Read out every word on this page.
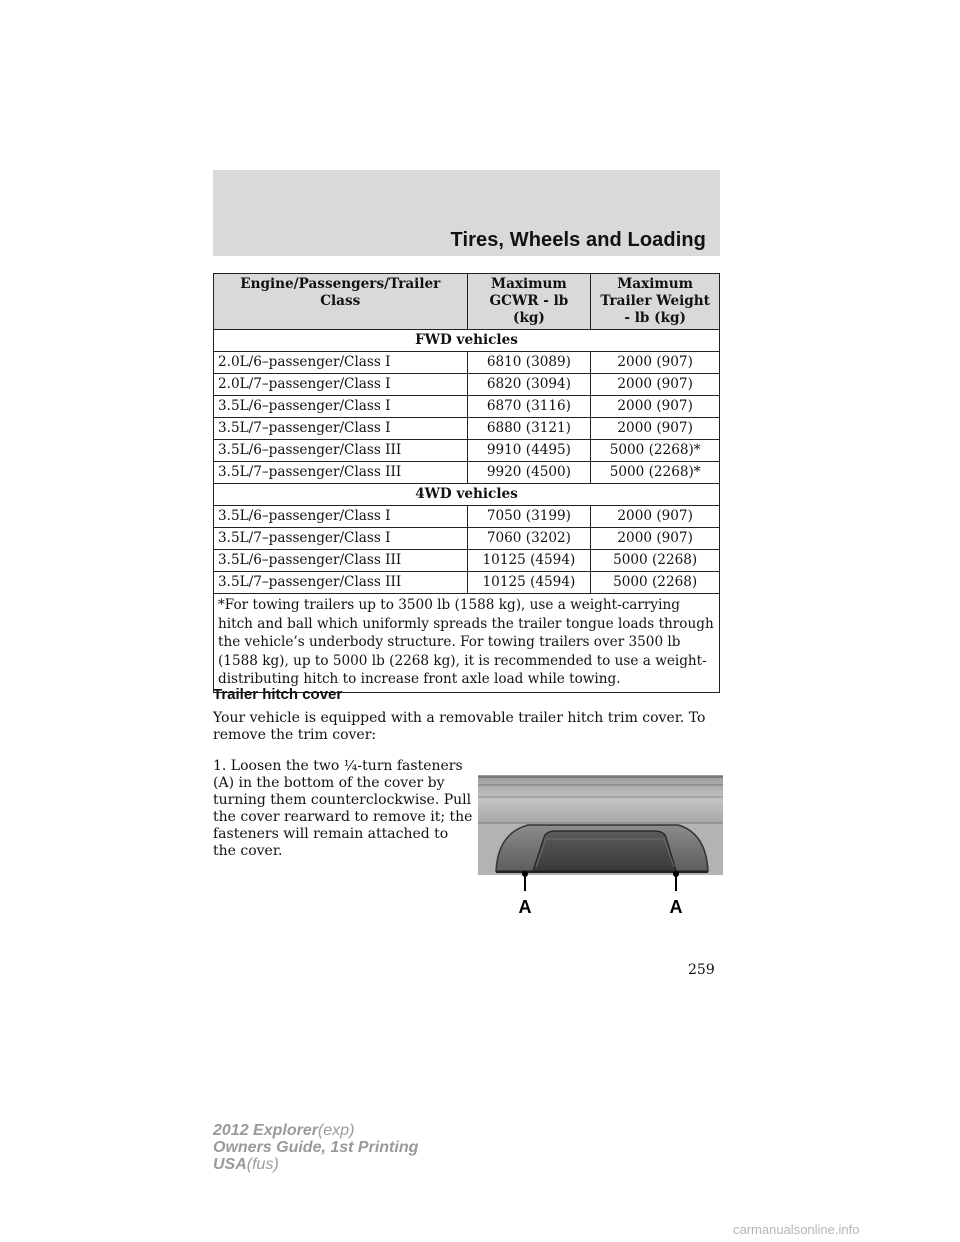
Tires, Wheels and Loading
Engine/Passengers/Trailer Class	Maximum GCWR - lb (kg)	Maximum Trailer Weight - lb (kg)
FWD vehicles		
2.0L/6–passenger/Class I	6810 (3089)	2000 (907)
2.0L/7–passenger/Class I	6820 (3094)	2000 (907)
3.5L/6–passenger/Class I	6870 (3116)	2000 (907)
3.5L/7–passenger/Class I	6880 (3121)	2000 (907)
3.5L/6–passenger/Class III	9910 (4495)	5000 (2268)*
3.5L/7–passenger/Class III	9920 (4500)	5000 (2268)*
4WD vehicles		
3.5L/6–passenger/Class I	7050 (3199)	2000 (907)
3.5L/7–passenger/Class I	7060 (3202)	2000 (907)
3.5L/6–passenger/Class III	10125 (4594)	5000 (2268)
3.5L/7–passenger/Class III	10125 (4594)	5000 (2268)
*For towing trailers up to 3500 lb (1588 kg), use a weight-carrying hitch and ball which uniformly spreads the trailer tongue loads through the vehicle’s underbody structure. For towing trailers over 3500 lb (1588 kg), up to 5000 lb (2268 kg), it is recommended to use a weight-distributing hitch to increase front axle load while towing.		
Trailer hitch cover
Your vehicle is equipped with a removable trailer hitch trim cover. To remove the trim cover:
1. Loosen the two ¼-turn fasteners (A) in the bottom of the cover by turning them counterclockwise. Pull the cover rearward to remove it; the fasteners will remain attached to the cover.
A	A
259
2012 Explorer(exp)
Owners Guide, 1st Printing
USA(fus)
carmanualsonline.info
